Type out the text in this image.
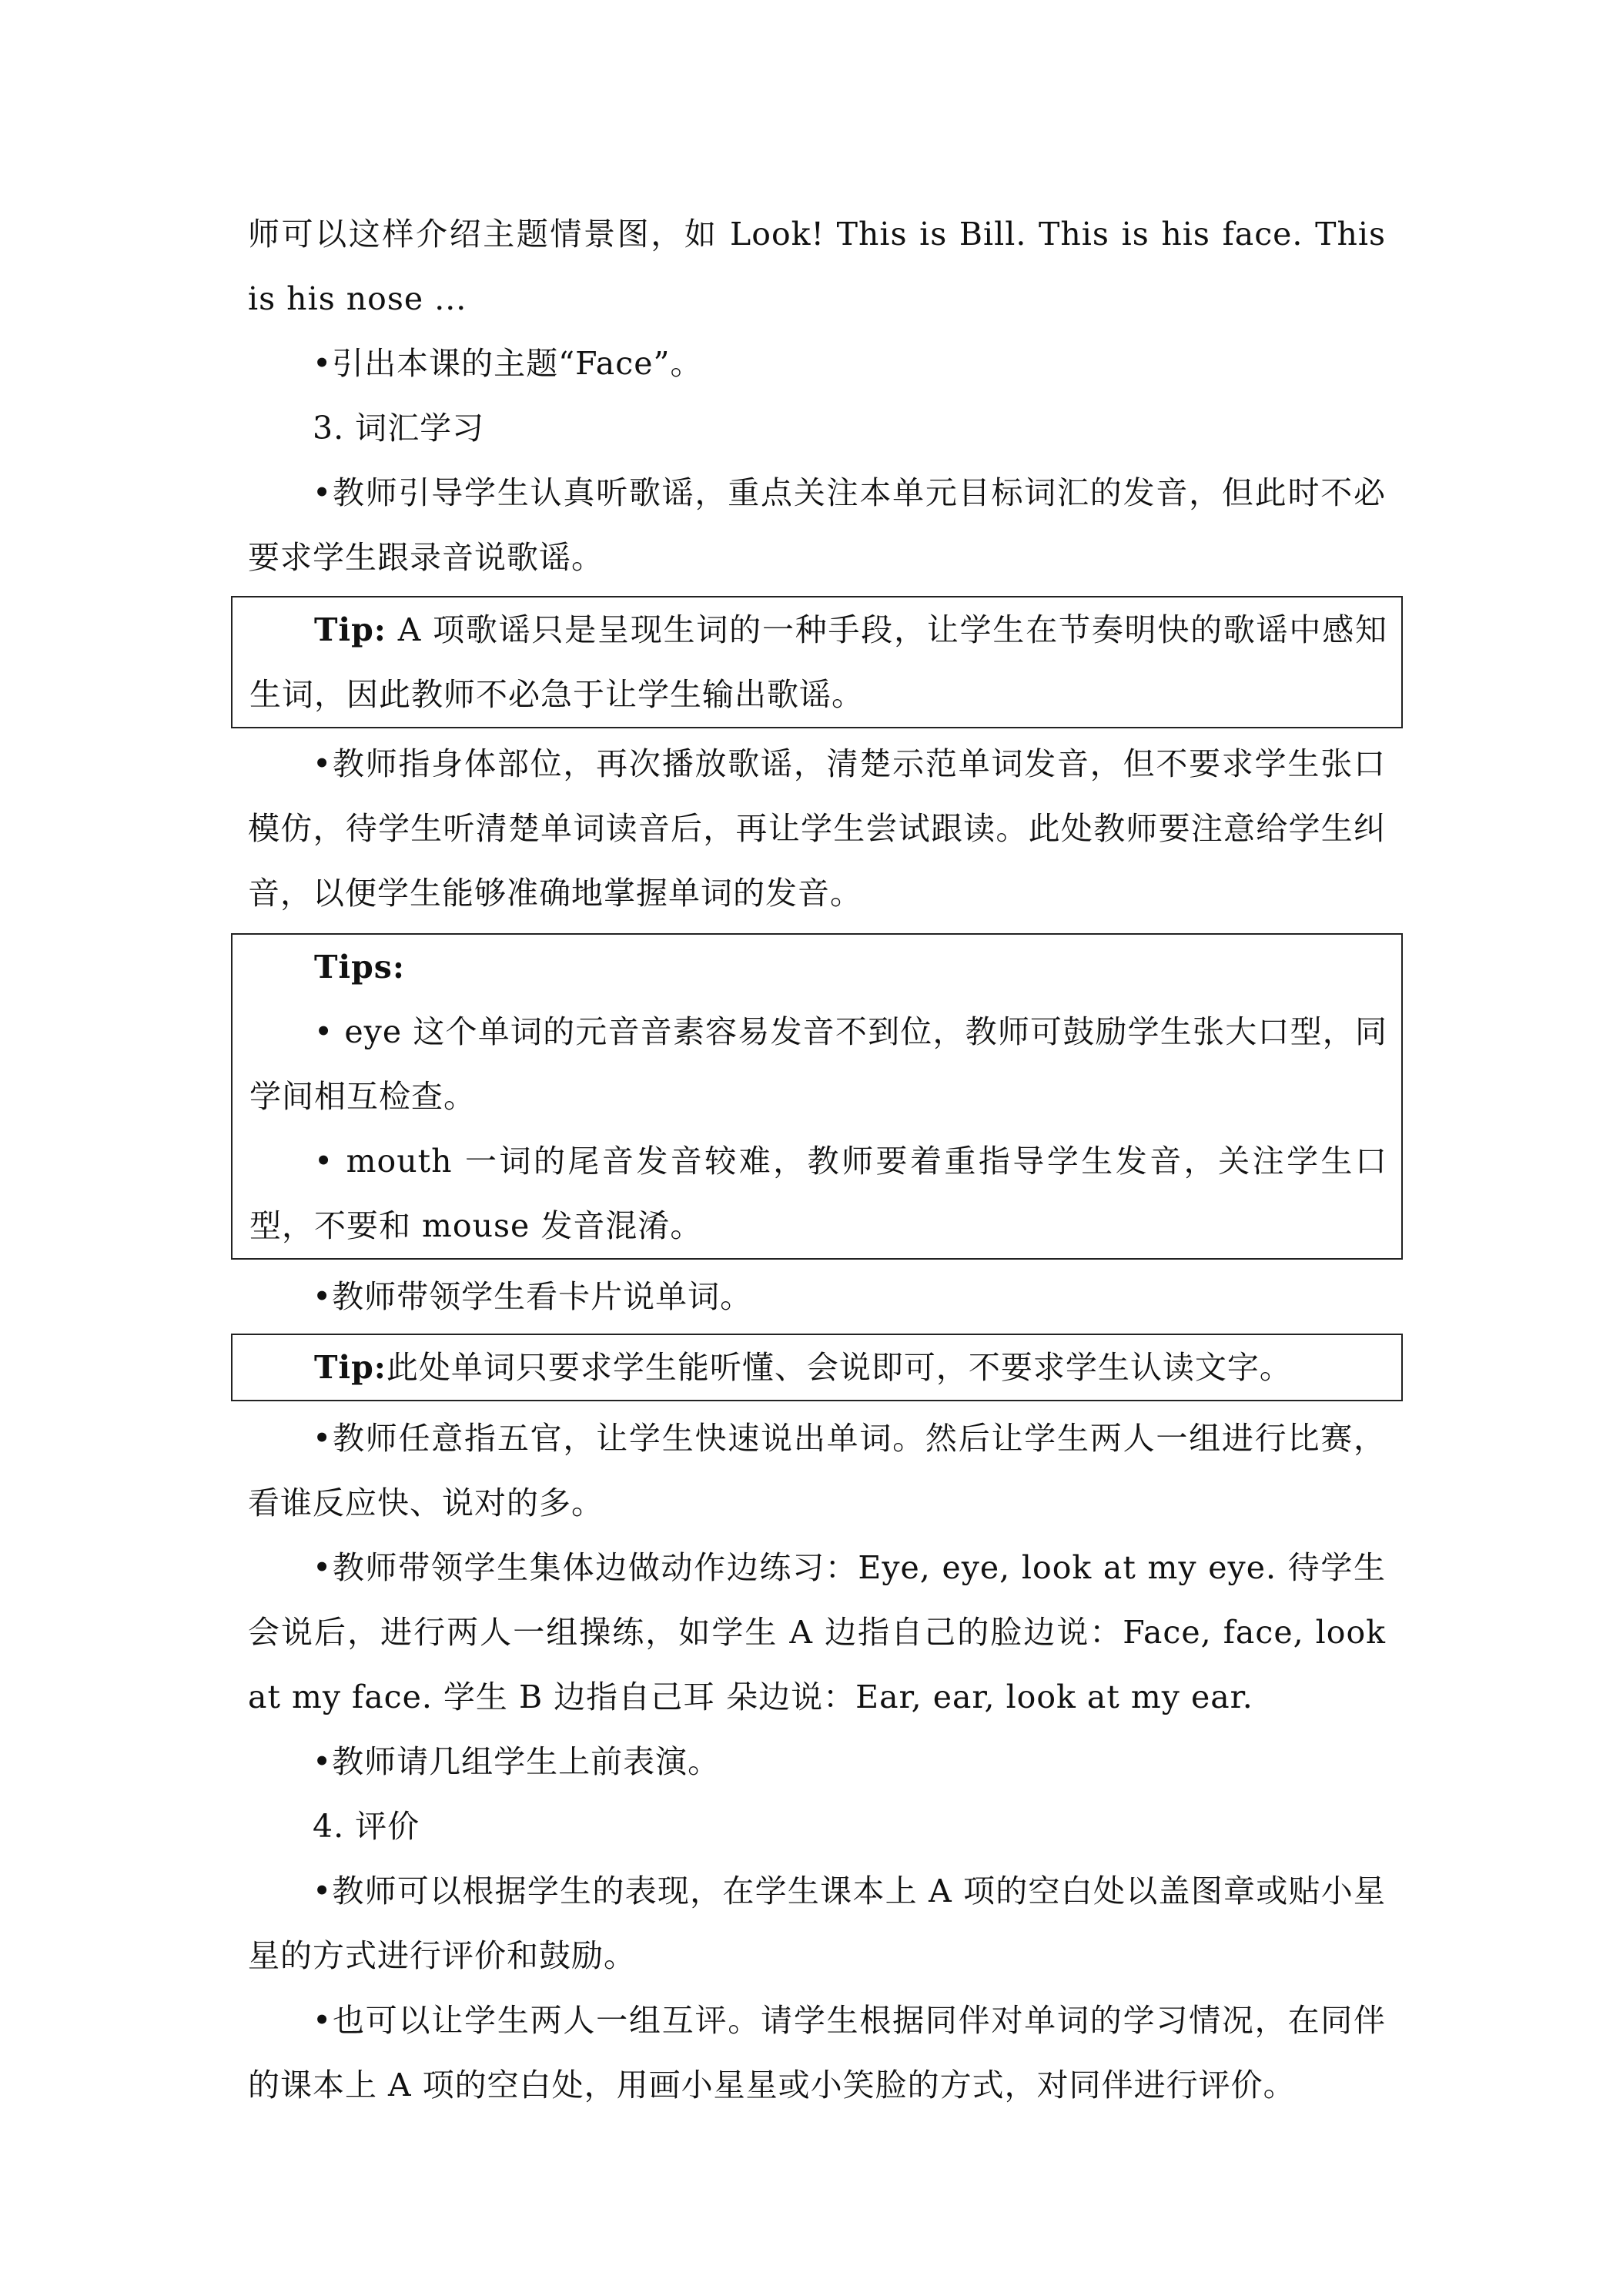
师可以这样介绍主题情景图，如 Look! This is Bill. This is his face. This is his nose ...

•引出本课的主题“Face”。

3. 词汇学习

•教师引导学生认真听歌谣，重点关注本单元目标词汇的发音，但此时不必要求学生跟录音说歌谣。

Tip: A 项歌谣只是呈现生词的一种手段，让学生在节奏明快的歌谣中感知生词，因此教师不必急于让学生输出歌谣。

•教师指身体部位，再次播放歌谣，清楚示范单词发音，但不要求学生张口模仿，待学生听清楚单词读音后，再让学生尝试跟读。此处教师要注意给学生纠音，以便学生能够准确地掌握单词的发音。

Tips:

• eye 这个单词的元音音素容易发音不到位，教师可鼓励学生张大口型，同学间相互检查。

• mouth 一词的尾音发音较难，教师要着重指导学生发音，关注学生口型，不要和 mouse 发音混淆。

•教师带领学生看卡片说单词。

Tip:此处单词只要求学生能听懂、会说即可，不要求学生认读文字。

•教师任意指五官，让学生快速说出单词。然后让学生两人一组进行比赛，看谁反应快、说对的多。

•教师带领学生集体边做动作边练习：Eye, eye, look at my eye. 待学生会说后，进行两人一组操练，如学生 A 边指自己的脸边说：Face, face, look at my face. 学生 B 边指自己耳 朵边说：Ear, ear, look at my ear.

•教师请几组学生上前表演。

4. 评价

•教师可以根据学生的表现，在学生课本上 A 项的空白处以盖图章或贴小星星的方式进行评价和鼓励。

•也可以让学生两人一组互评。请学生根据同伴对单词的学习情况，在同伴的课本上 A 项的空白处，用画小星星或小笑脸的方式，对同伴进行评价。
